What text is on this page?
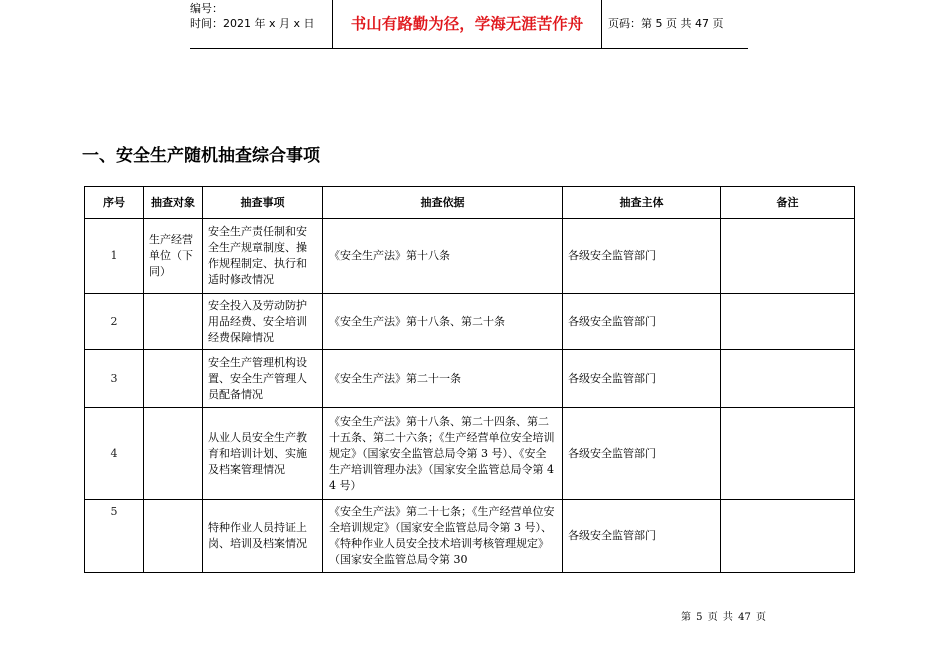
编号：
时间：2021 年 x 月 x 日	书山有路勤为径，学海无涯苦作舟	页码：第 5 页 共 47 页
一、安全生产随机抽查综合事项
序号	抽查对象	抽查事项	抽查依据	抽查主体	备注
1	生产经营单位（下同）	安全生产责任制和安全生产规章制度、操作规程制定、执行和适时修改情况	《安全生产法》第十八条	各级安全监管部门	
2		安全投入及劳动防护用品经费、安全培训经费保障情况	《安全生产法》第十八条、第二十条	各级安全监管部门	
3		安全生产管理机构设置、安全生产管理人员配备情况	《安全生产法》第二十一条	各级安全监管部门	
4		从业人员安全生产教育和培训计划、实施及档案管理情况	《安全生产法》第十八条、第二十四条、第二十五条、第二十六条；《生产经营单位安全培训规定》（国家安全监管总局令第 3 号）、《安全生产培训管理办法》（国家安全监管总局令第 44 号）	各级安全监管部门	
5		特种作业人员持证上岗、培训及档案情况	《安全生产法》第二十七条；《生产经营单位安全培训规定》（国家安全监管总局令第 3 号）、《特种作业人员安全技术培训考核管理规定》（国家安全监管总局令第 30	各级安全监管部门	
第 5 页 共 47 页
